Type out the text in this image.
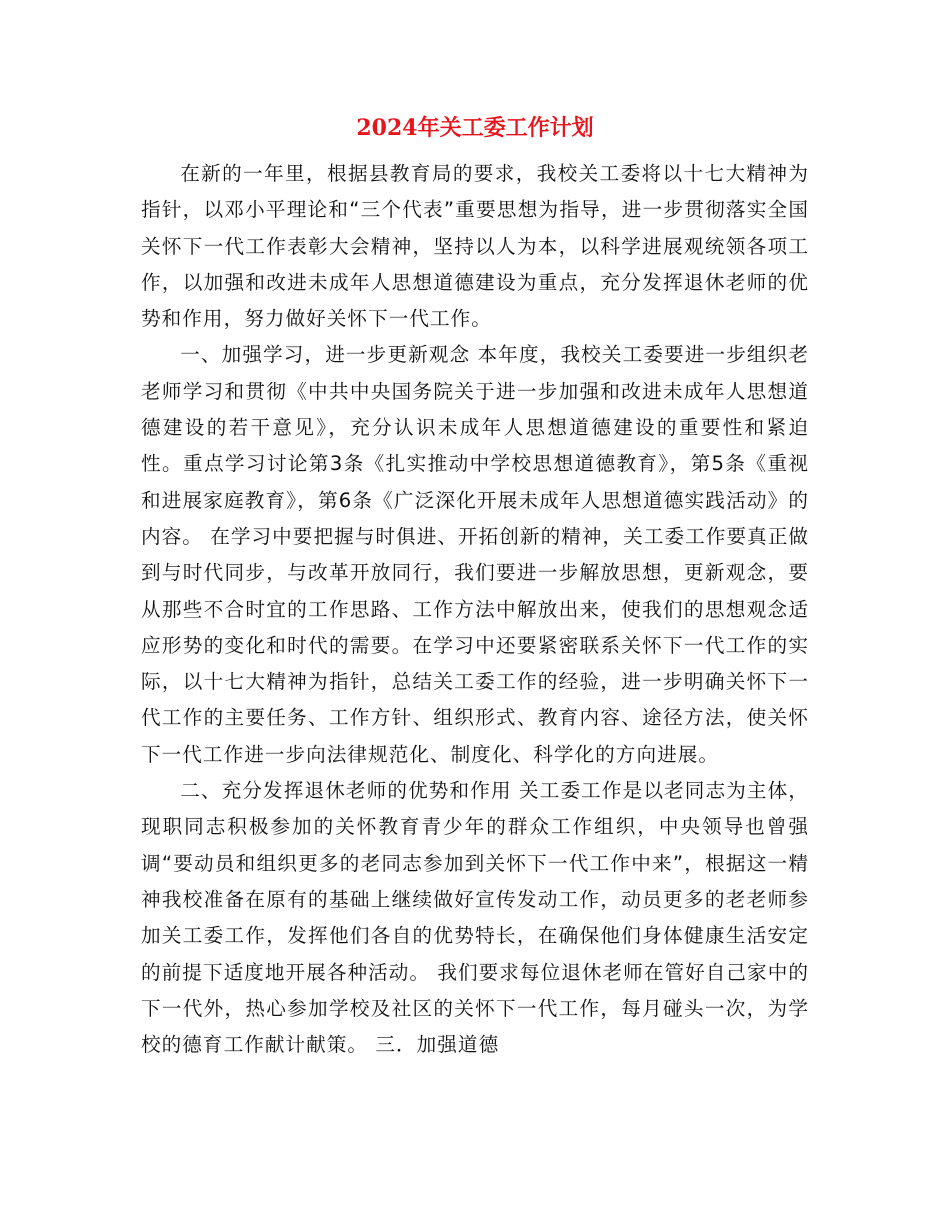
2024年关工委工作计划

在新的一年里，根据县教育局的要求，我校关工委将以十七大精神为指针，以邓小平理论和“三个代表”重要思想为指导，进一步贯彻落实全国关怀下一代工作表彰大会精神，坚持以人为本，以科学进展观统领各项工作，以加强和改进未成年人思想道德建设为重点，充分发挥退休老师的优势和作用，努力做好关怀下一代工作。

一、加强学习，进一步更新观念 本年度，我校关工委要进一步组织老老师学习和贯彻《中共中央国务院关于进一步加强和改进未成年人思想道德建设的若干意见》，充分认识未成年人思想道德建设的重要性和紧迫性。重点学习讨论第3条《扎实推动中学校思想道德教育》，第5条《重视和进展家庭教育》，第6条《广泛深化开展未成年人思想道德实践活动》的内容。 在学习中要把握与时俱进、开拓创新的精神，关工委工作要真正做到与时代同步，与改革开放同行，我们要进一步解放思想，更新观念，要从那些不合时宜的工作思路、工作方法中解放出来，使我们的思想观念适应形势的变化和时代的需要。在学习中还要紧密联系关怀下一代工作的实际，以十七大精神为指针，总结关工委工作的经验，进一步明确关怀下一代工作的主要任务、工作方针、组织形式、教育内容、途径方法，使关怀下一代工作进一步向法律规范化、制度化、科学化的方向进展。

二、充分发挥退休老师的优势和作用 关工委工作是以老同志为主体，现职同志积极参加的关怀教育青少年的群众工作组织，中央领导也曾强调“要动员和组织更多的老同志参加到关怀下一代工作中来”，根据这一精神我校准备在原有的基础上继续做好宣传发动工作，动员更多的老老师参加关工委工作，发挥他们各自的优势特长，在确保他们身体健康生活安定的前提下适度地开展各种活动。 我们要求每位退休老师在管好自己家中的下一代外，热心参加学校及社区的关怀下一代工作，每月碰头一次，为学校的德育工作献计献策。 三．加强道德
